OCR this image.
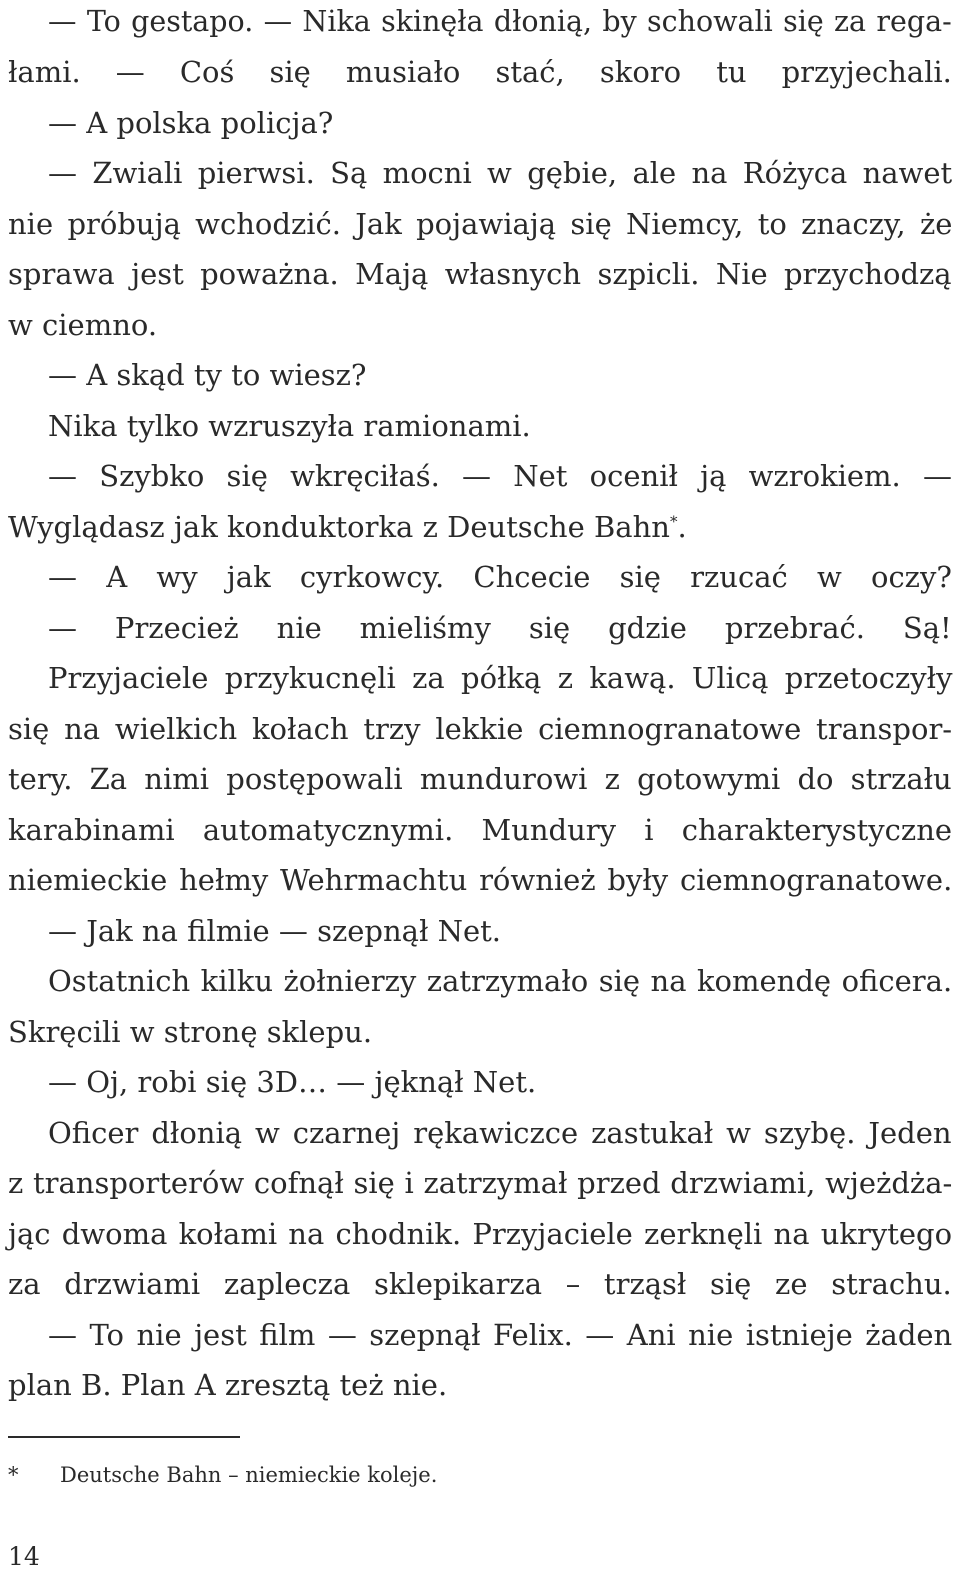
— To gestapo. — Nika skinęła dłonią, by schowali się za rega-
łami. — Coś się musiało stać, skoro tu przyjechali.
— A polska policja?
— Zwiali pierwsi. Są mocni w gębie, ale na Różyca nawet
nie próbują wchodzić. Jak pojawiają się Niemcy, to znaczy, że
sprawa jest poważna. Mają własnych szpicli. Nie przychodzą
w ciemno.
— A skąd ty to wiesz?
Nika tylko wzruszyła ramionami.
— Szybko się wkręciłaś. — Net ocenił ją wzrokiem. —
Wyglądasz jak konduktorka z Deutsche Bahn*.
— A wy jak cyrkowcy. Chcecie się rzucać w oczy?
— Przecież nie mieliśmy się gdzie przebrać. Są!
Przyjaciele przykucnęli za półką z kawą. Ulicą przetoczyły
się na wielkich kołach trzy lekkie ciemnogranatowe transpor-
tery. Za nimi postępowali mundurowi z gotowymi do strzału
karabinami automatycznymi. Mundury i charakterystyczne
niemieckie hełmy Wehrmachtu również były ciemnogranatowe.
— Jak na filmie — szepnął Net.
Ostatnich kilku żołnierzy zatrzymało się na komendę oficera.
Skręcili w stronę sklepu.
— Oj, robi się 3D… — jęknął Net.
Oficer dłonią w czarnej rękawiczce zastukał w szybę. Jeden
z transporterów cofnął się i zatrzymał przed drzwiami, wjeżdża-
jąc dwoma kołami na chodnik. Przyjaciele zerknęli na ukrytego
za drzwiami zaplecza sklepikarza – trząsł się ze strachu.
— To nie jest film — szepnął Felix. — Ani nie istnieje żaden
plan B. Plan A zresztą też nie.
* Deutsche Bahn – niemieckie koleje.
14
